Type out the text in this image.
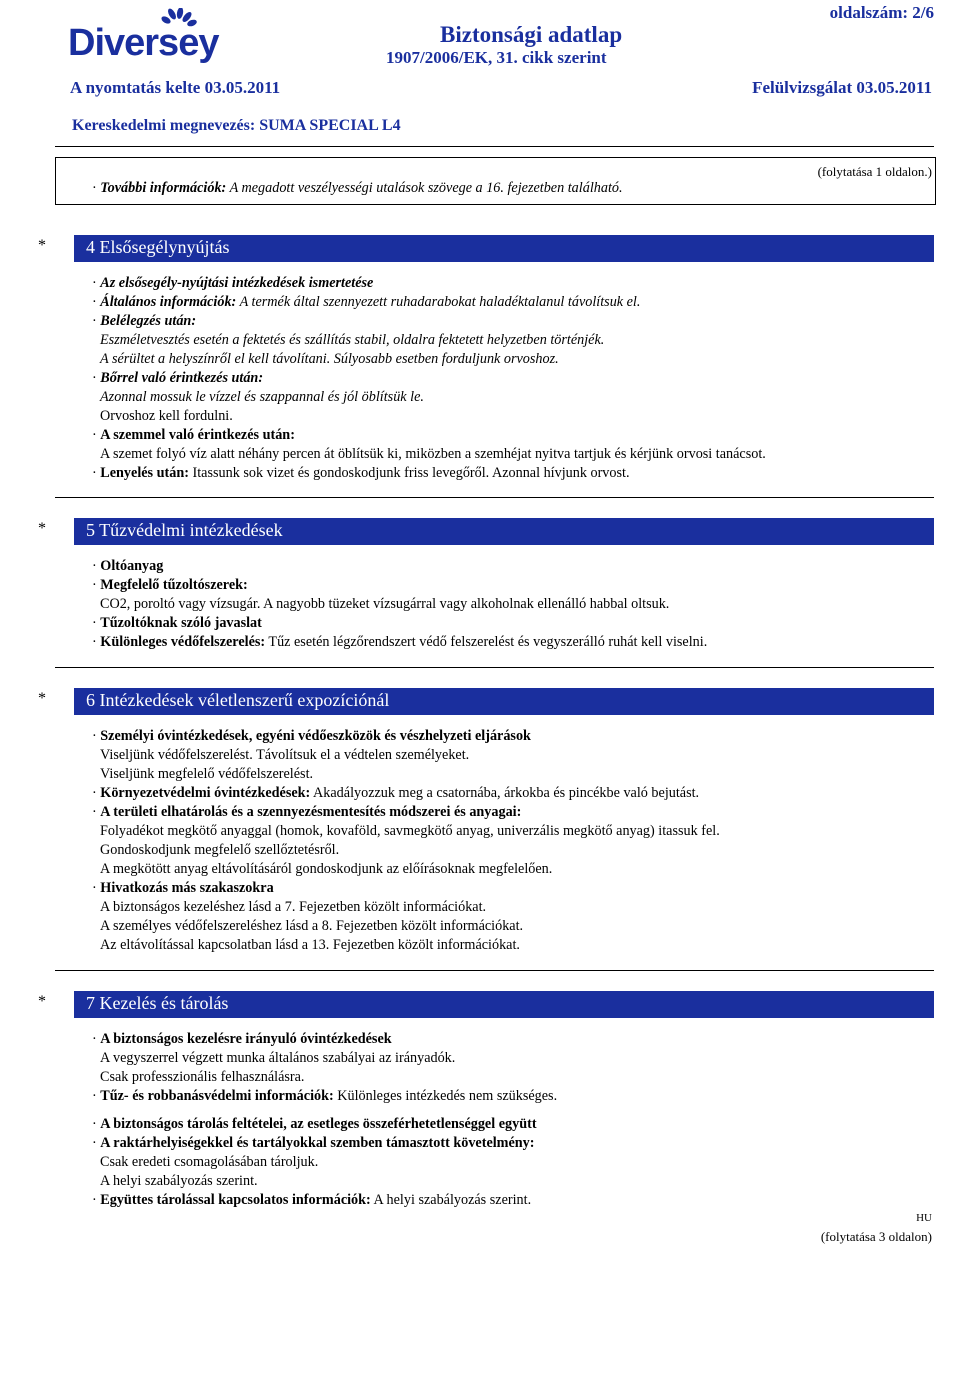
Diversey	Biztonsági adatlap
1907/2006/EK, 31. cikk szerint
oldalszám: 2/6
A nyomtatás kelte 03.05.2011	Felülvizsgálat 03.05.2011
Kereskedelmi megnevezés: SUMA SPECIAL L4
(folytatása 1 oldalon.)
· További információk: A megadott veszélyességi utalások szövege a 16. fejezetben található.
* 4 Elsősegélynyújtás
· Az elsősegély-nyújtási intézkedések ismertetése
· Általános információk: A termék által szennyezett ruhadarabokat haladéktalanul távolítsuk el.
· Belélegzés után:
Eszméletvesztés esetén a fektetés és szállítás stabil, oldalra fektetett helyzetben történjék.
A sérültet a helyszínről el kell távolítani. Súlyosabb esetben forduljunk orvoshoz.
· Bőrrel való érintkezés után:
Azonnal mossuk le vízzel és szappannal és jól öblítsük le.
Orvoshoz kell fordulni.
· A szemmel való érintkezés után:
A szemet folyó víz alatt néhány percen át öblítsük ki, miközben a szemhéjat nyitva tartjuk és kérjünk orvosi tanácsot.
· Lenyelés után: Itassunk sok vizet és gondoskodjunk friss levegőről. Azonnal hívjunk orvost.
* 5 Tűzvédelmi intézkedések
· Oltóanyag
· Megfelelő tűzoltószerek:
CO2, poroltó vagy vízsugár. A nagyobb tüzeket vízsugárral vagy alkoholnak ellenálló habbal oltsuk.
· Tűzoltóknak szóló javaslat
· Különleges védőfelszerelés: Tűz esetén légzőrendszert védő felszerelést és vegyszerálló ruhát kell viselni.
* 6 Intézkedések véletlenszerű expozíciónál
· Személyi óvintézkedések, egyéni védőeszközök és vészhelyzeti eljárások
Viseljünk védőfelszerelést. Távolítsuk el a védtelen személyeket.
Viseljünk megfelelő védőfelszerelést.
· Környezetvédelmi óvintézkedések: Akadályozzuk meg a csatornába, árkokba és pincékbe való bejutást.
· A területi elhatárolás és a szennyezésmentesítés módszerei és anyagai:
Folyadékot megkötő anyaggal (homok, kovaföld, savmegkötő anyag, univerzális megkötő anyag) itassuk fel.
Gondoskodjunk megfelelő szellőztetésről.
A megkötött anyag eltávolításáról gondoskodjunk az előírásoknak megfelelően.
· Hivatkozás más szakaszokra
A biztonságos kezeléshez lásd a 7. Fejezetben közölt információkat.
A személyes védőfelszereléshez lásd a 8. Fejezetben közölt információkat.
Az eltávolítással kapcsolatban lásd a 13. Fejezetben közölt információkat.
* 7 Kezelés és tárolás
· A biztonságos kezelésre irányuló óvintézkedések
A vegyszerrel végzett munka általános szabályai az irányadók.
Csak professzionális felhasználásra.
· Tűz- és robbanásvédelmi információk: Különleges intézkedés nem szükséges.
· A biztonságos tárolás feltételei, az esetleges összeférhetetlenséggel együtt
· A raktárhelyiségekkel és tartályokkal szemben támasztott követelmény:
Csak eredeti csomagolásában tároljuk.
A helyi szabályozás szerint.
· Együttes tárolással kapcsolatos információk: A helyi szabályozás szerint.
HU
(folytatása 3 oldalon)
